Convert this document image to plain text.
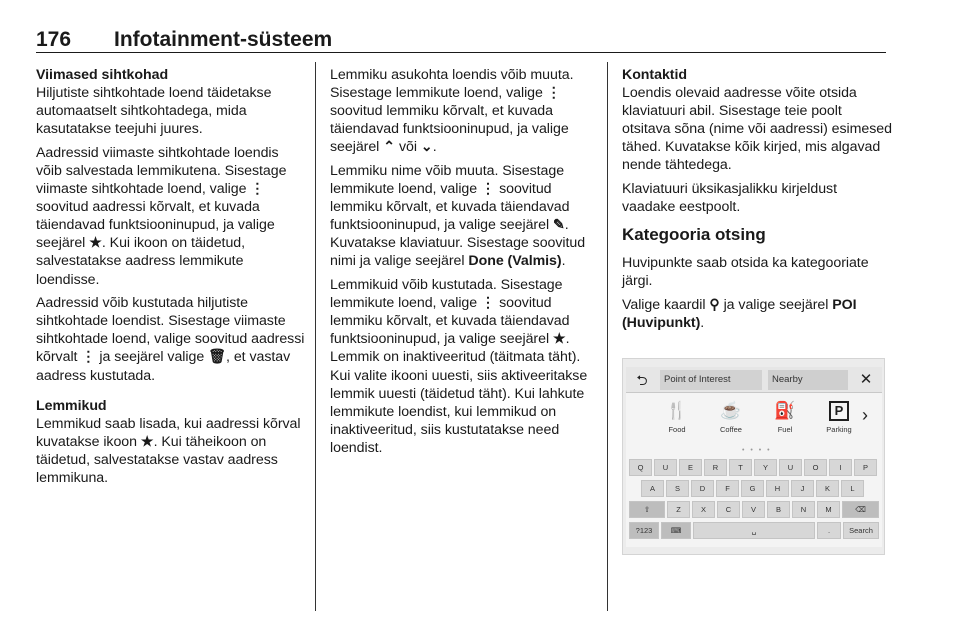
176 Infotainment-süsteem

Viimased sihtkohad
Hiljutiste sihtkohtade loend täidetakse automaatselt sihtkohtadega, mida kasutatakse teejuhi juures.

Aadressid viimaste sihtkohtade loendis võib salvestada lemmikutena. Sisestage viimaste sihtkohtade loend, valige ⋮ soovitud aadressi kõrvalt, et kuvada täiendavad funktsiooninupud, ja valige seejärel ★. Kui ikoon on täidetud, salvestatakse aadress lemmikute loendisse.

Aadressid võib kustutada hiljutiste sihtkohtade loendist. Sisestage viimaste sihtkohtade loend, valige soovitud aadressi kõrvalt ⋮ ja seejärel valige 🗑, et vastav aadress kustutada.

Lemmikud
Lemmikud saab lisada, kui aadressi kõrval kuvatakse ikoon ★. Kui täheikoon on täidetud, salvestatakse vastav aadress lemmikuna.

Lemmiku asukohta loendis võib muuta. Sisestage lemmikute loend, valige ⋮ soovitud lemmiku kõrvalt, et kuvada täiendavad funktsiooninupud, ja valige seejärel ⌃ või ⌄.

Lemmiku nime võib muuta. Sisestage lemmikute loend, valige ⋮ soovitud lemmiku kõrvalt, et kuvada täiendavad funktsiooninupud, ja valige seejärel ✎. Kuvatakse klaviatuur. Sisestage soovitud nimi ja valige seejärel Done (Valmis).

Lemmikuid võib kustutada. Sisestage lemmikute loend, valige ⋮ soovitud lemmiku kõrvalt, et kuvada täiendavad funktsiooninupud, ja valige seejärel ★. Lemmik on inaktiveeritud (täitmata täht). Kui valite ikooni uuesti, siis aktiveeritakse lemmik uuesti (täidetud täht). Kui lahkute lemmikute loendist, kui lemmikud on inaktiveeritud, siis kustutatakse need loendist.

Kontaktid
Loendis olevaid aadresse võite otsida klaviatuuri abil. Sisestage teie poolt otsitava sõna (nime või aadressi) esimesed tähed. Kuvatakse kõik kirjed, mis algavad nende tähtedega.

Klaviatuuri üksikasjalikku kirjeldust vaadake eestpoolt.

Kategooria otsing

Huvipunkte saab otsida ka kategooriate järgi.

Valige kaardil ⚲ ja valige seejärel POI (Huvipunkt).

⮌	Point of Interest	Nearby	✕
🍴
Food
☕
Coffee
⛽
Fuel
P
Parking
›
• • • •
Q	U	E	R	T	Y	U	O	I	P
A	S	D	F	G	H	J	K	L
⇧	Z	X	C	V	B	N	M	⌫
?123	⌨	␣	.	Search
